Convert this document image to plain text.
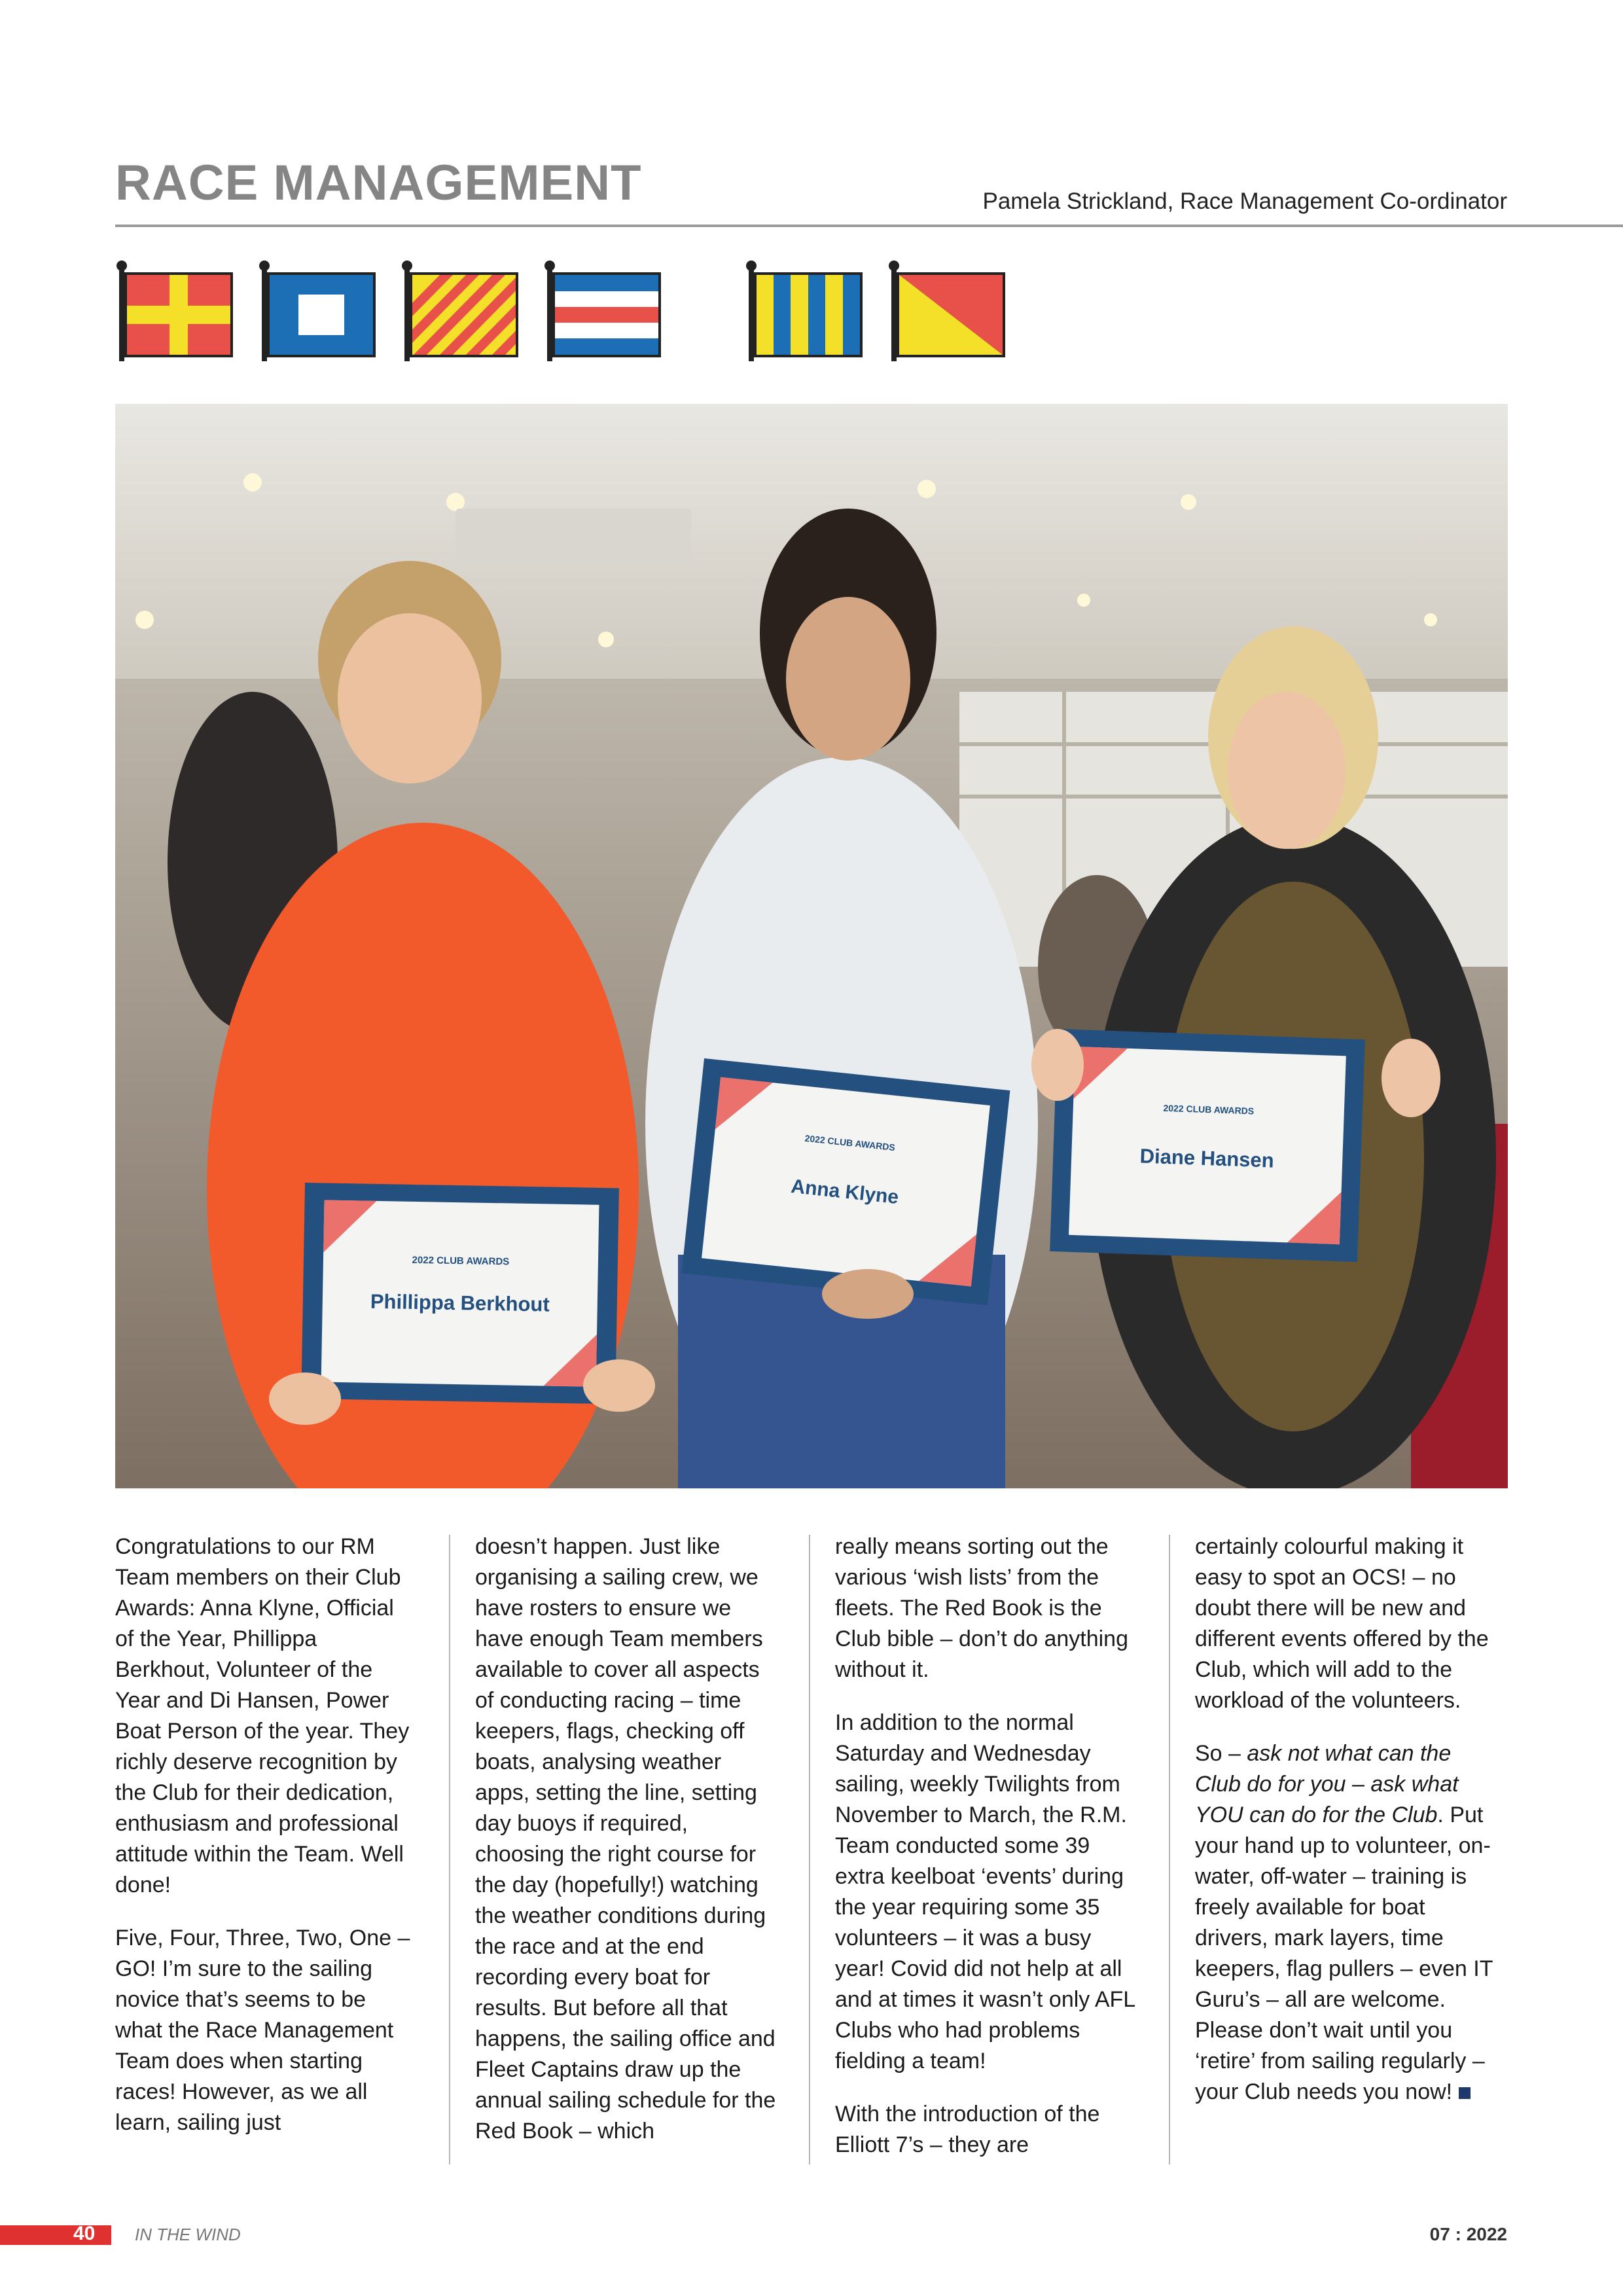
RACE MANAGEMENT	Pamela Strickland, Race Management Co-ordinator
2022 CLUB AWARDS
Phillippa Berkhout
2022 CLUB AWARDS
Anna Klyne
2022 CLUB AWARDS
Diane Hansen

Congratulations to our RM Team members on their Club Awards: Anna Klyne, Official of the Year, Phillippa Berkhout, Volunteer of the Year and Di Hansen, Power Boat Person of the year. They richly deserve recognition by the Club for their dedication, enthusiasm and professional attitude within the Team. Well done!

Five, Four, Three, Two, One – GO! I’m sure to the sailing novice that’s seems to be what the Race Management Team does when starting races! However, as we all learn, sailing just

doesn’t happen. Just like organising a sailing crew, we have rosters to ensure we have enough Team members available to cover all aspects of conducting racing – time keepers, flags, checking off boats, analysing weather apps, setting the line, setting day buoys if required, choosing the right course for the day (hopefully!) watching the weather conditions during the race and at the end recording every boat for results. But before all that happens, the sailing office and Fleet Captains draw up the annual sailing schedule for the Red Book – which

really means sorting out the various ‘wish lists’ from the fleets. The Red Book is the Club bible – don’t do anything without it.

In addition to the normal Saturday and Wednesday sailing, weekly Twilights from November to March, the R.M. Team conducted some 39 extra keelboat ‘events’ during the year requiring some 35 volunteers – it was a busy year! Covid did not help at all and at times it wasn’t only AFL Clubs who had problems fielding a team!

With the introduction of the Elliott 7’s – they are

certainly colourful making it easy to spot an OCS! – no doubt there will be new and different events offered by the Club, which will add to the workload of the volunteers.

So – ask not what can the Club do for you – ask what YOU can do for the Club. Put your hand up to volunteer, on-water, off-water – training is freely available for boat drivers, mark layers, time keepers, flag pullers – even IT Guru’s – all are welcome. Please don’t wait until you ‘retire’ from sailing regularly – your Club needs you now!

40 IN THE WIND	07 : 2022
